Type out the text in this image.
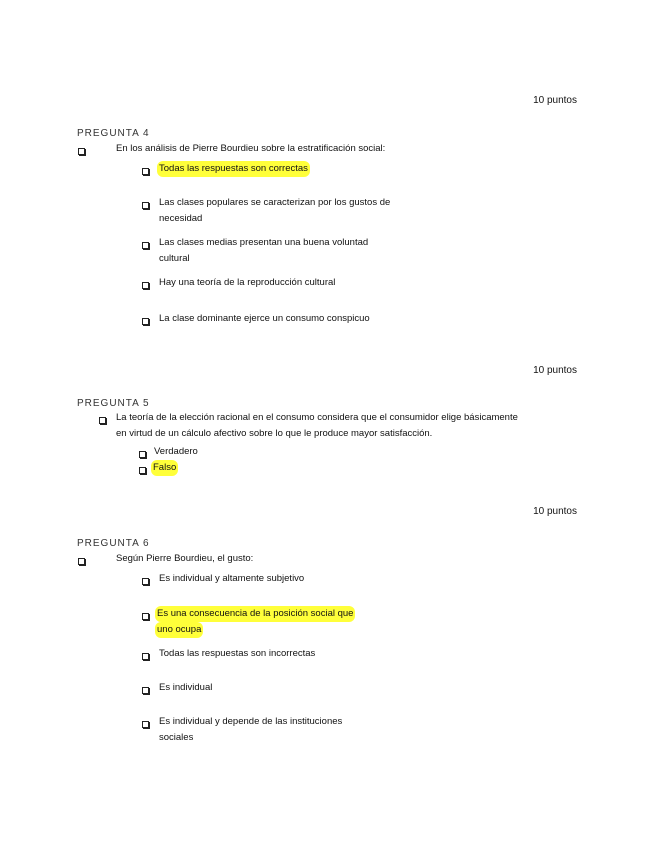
10 puntos
PREGUNTA 4
En los análisis de Pierre Bourdieu sobre la estratificación social:
Todas las respuestas son correctas
Las clases populares se caracterizan por los gustos de
necesidad
Las clases medias presentan una buena voluntad
cultural
Hay una teoría de la reproducción cultural
La clase dominante ejerce un consumo conspicuo
10 puntos
PREGUNTA 5
La teoría de la elección racional en el consumo considera que el consumidor elige básicamente
en virtud de un cálculo afectivo sobre lo que le produce mayor satisfacción.
Verdadero
Falso
10 puntos
PREGUNTA 6
Según Pierre Bourdieu, el gusto:
Es individual y altamente subjetivo
Es una consecuencia de la posición social que
uno ocupa
Todas las respuestas son incorrectas
Es individual
Es individual y depende de las instituciones
sociales
